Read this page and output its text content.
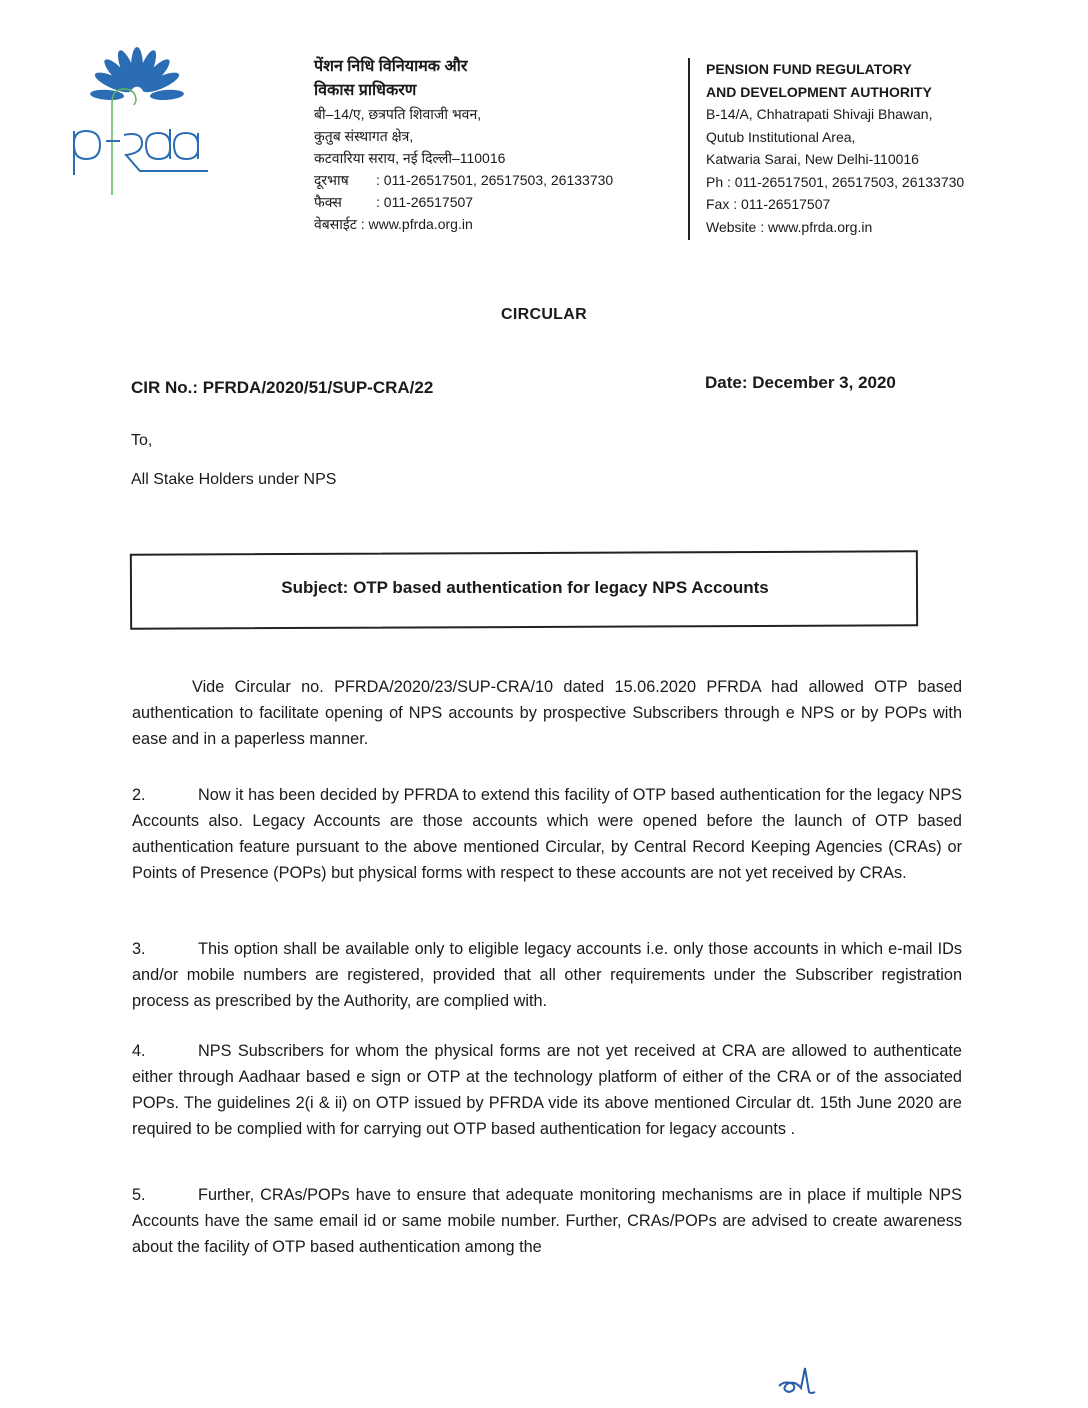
पेंशन निधि विनियामक और
विकास प्राधिकरण
बी–14/ए, छत्रपति शिवाजी भवन,
कुतुब संस्थागत क्षेत्र,
कटवारिया सराय, नई दिल्ली–110016
दूरभाष : 011-26517501, 26517503, 26133730
फैक्स : 011-26517507
वेबसाईट : www.pfrda.org.in
PENSION FUND REGULATORY
AND DEVELOPMENT AUTHORITY
B-14/A, Chhatrapati Shivaji Bhawan,
Qutub Institutional Area,
Katwaria Sarai, New Delhi-110016
Ph : 011-26517501, 26517503, 26133730
Fax : 011-26517507
Website : www.pfrda.org.in
CIRCULAR
CIR No.: PFRDA/2020/51/SUP-CRA/22	Date: December 3, 2020
To,
All Stake Holders under NPS
Subject: OTP based authentication for legacy NPS Accounts
Vide Circular no. PFRDA/2020/23/SUP-CRA/10 dated 15.06.2020 PFRDA had allowed OTP based authentication to facilitate opening of NPS accounts by prospective Subscribers through e NPS or by POPs with ease and in a paperless manner.
2.	Now it has been decided by PFRDA to extend this facility of OTP based authentication for the legacy NPS Accounts also. Legacy Accounts are those accounts which were opened before the launch of OTP based authentication feature pursuant to the above mentioned Circular, by Central Record Keeping Agencies (CRAs) or Points of Presence (POPs) but physical forms with respect to these accounts are not yet received by CRAs.
3.	This option shall be available only to eligible legacy accounts i.e. only those accounts in which e-mail IDs and/or mobile numbers are registered, provided that all other requirements under the Subscriber registration process as prescribed by the Authority, are complied with.
4.	NPS Subscribers for whom the physical forms are not yet received at CRA are allowed to authenticate either through Aadhaar based e sign or OTP at the technology platform of either of the CRA or of the associated POPs. The guidelines 2(i & ii) on OTP issued by PFRDA vide its above mentioned Circular dt. 15th June 2020 are required to be complied with for carrying out OTP based authentication for legacy accounts .
5.	Further, CRAs/POPs have to ensure that adequate monitoring mechanisms are in place if multiple NPS Accounts have the same email id or same mobile number. Further, CRAs/POPs are advised to create awareness about the facility of OTP based authentication among the
